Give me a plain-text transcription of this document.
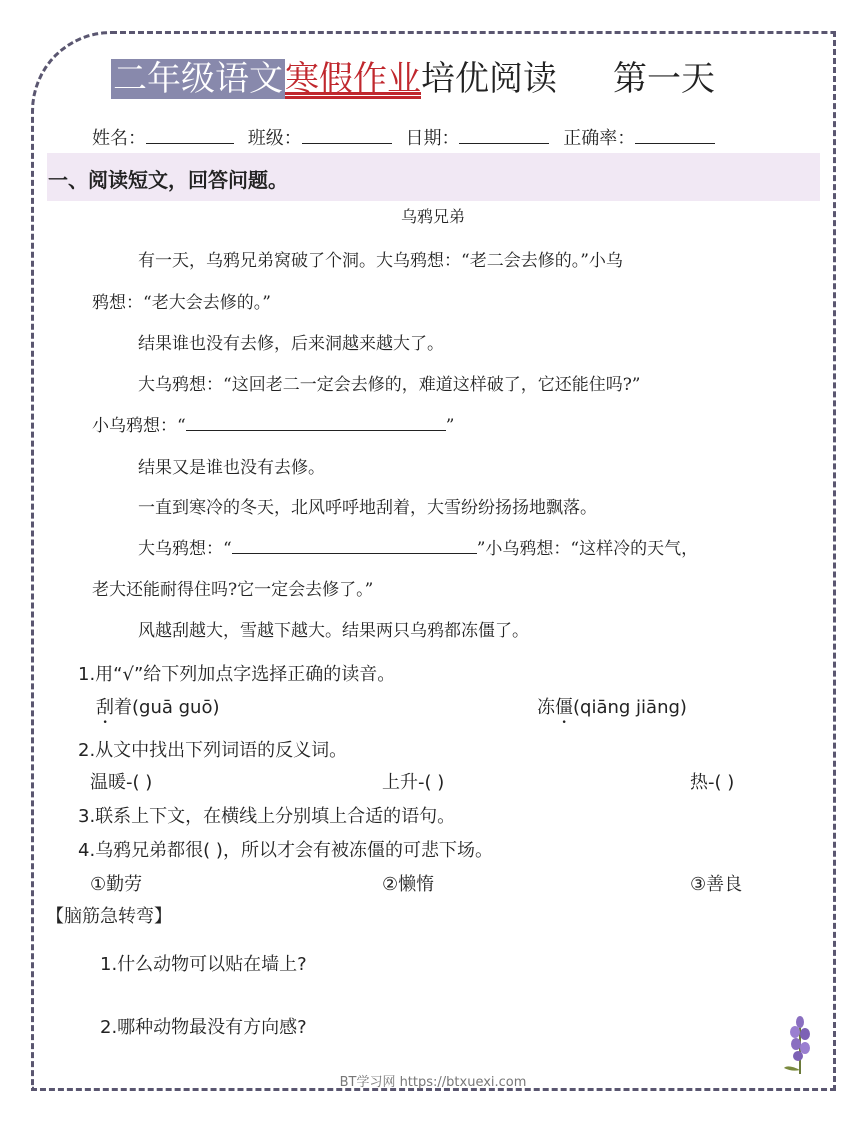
二年级语文寒假作业培优阅读 第一天
姓名：	班级：	日期：	正确率：
一、阅读短文，回答问题。
乌鸦兄弟
有一天，乌鸦兄弟窝破了个洞。大乌鸦想：“老二会去修的。”小乌
鸦想：“老大会去修的。”
结果谁也没有去修，后来洞越来越大了。
大乌鸦想：“这回老二一定会去修的，难道这样破了，它还能住吗?”
小乌鸦想：“	”
结果又是谁也没有去修。
一直到寒冷的冬天，北风呼呼地刮着，大雪纷纷扬扬地飘落。
大乌鸦想：“	”小乌鸦想：“这样冷的天气，
老大还能耐得住吗?它一定会去修了。”
风越刮越大，雪越下越大。结果两只乌鸦都冻僵了。
1.用“√”给下列加点字选择正确的读音。
刮着(guā guō)	冻僵(qiāng jiāng)
2.从文中找出下列词语的反义词。
温暖-( )	上升-( )	热-( )
3.联系上下文，在横线上分别填上合适的语句。
4.乌鸦兄弟都很( )，所以才会有被冻僵的可悲下场。
①勤劳	②懒惰	③善良
【脑筋急转弯】
1.什么动物可以贴在墙上?
2.哪种动物最没有方向感?
BT学习网 https://btxuexi.com
